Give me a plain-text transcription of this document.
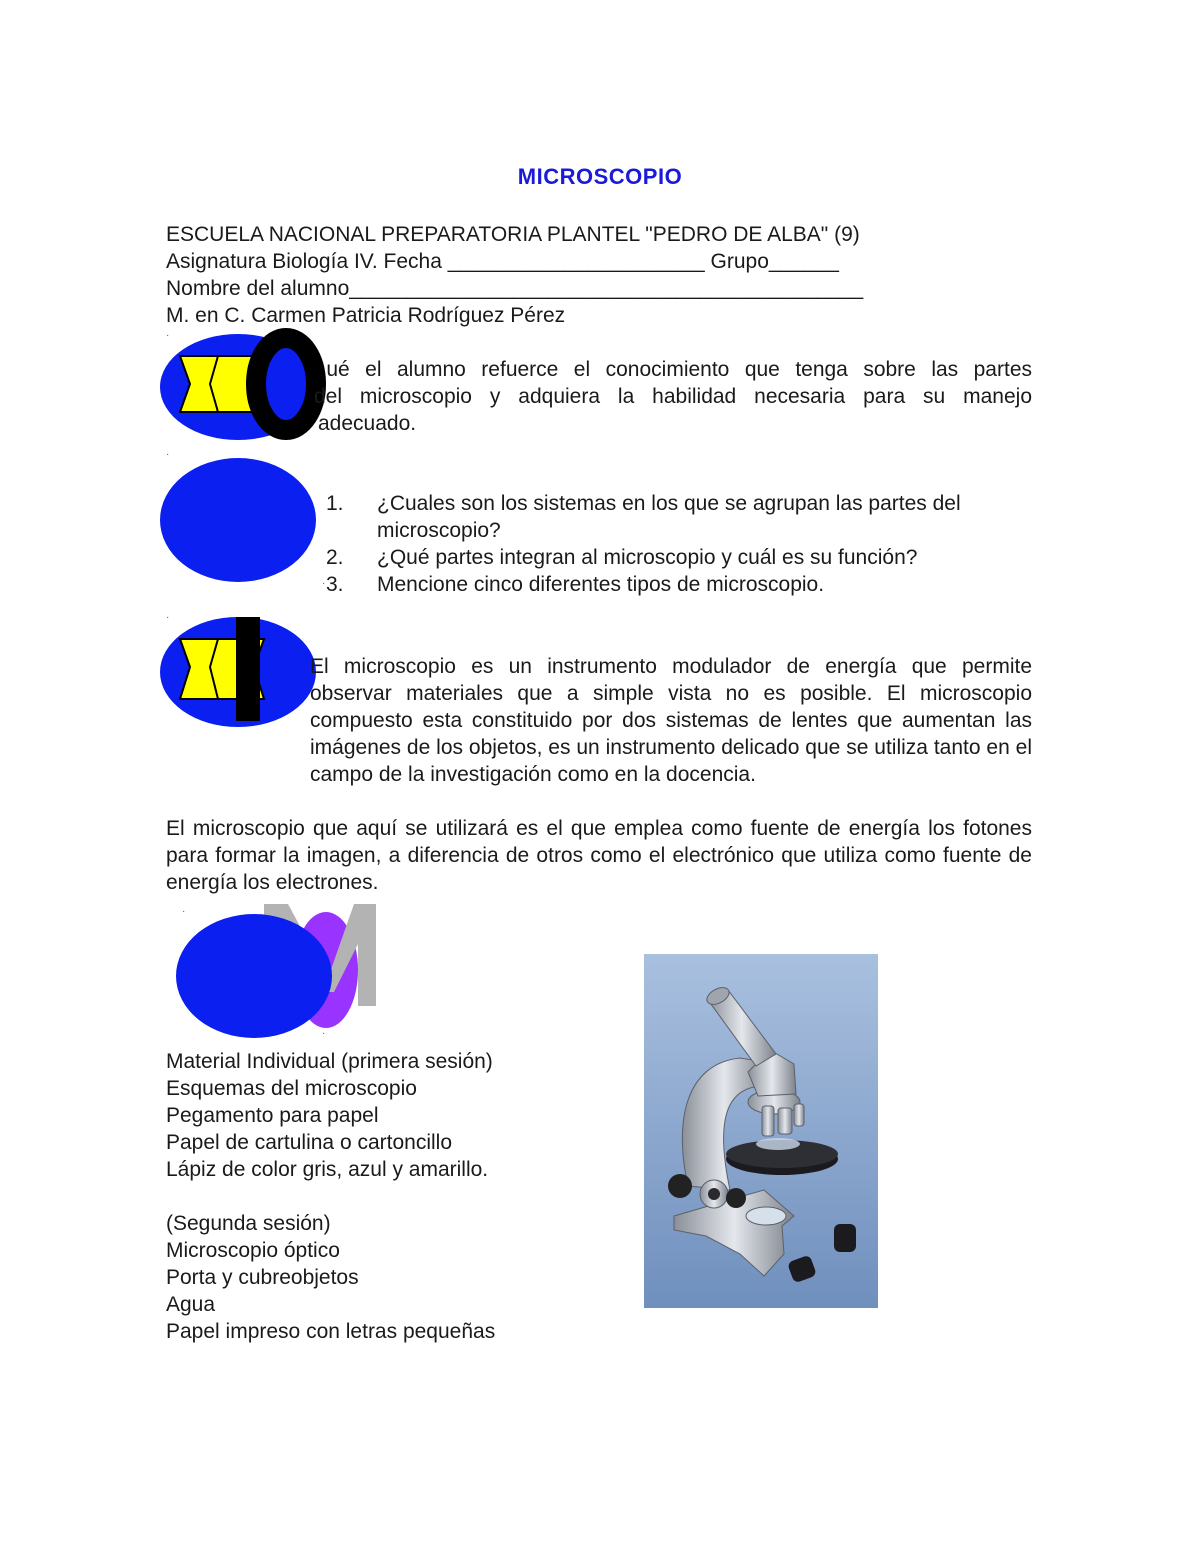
MICROSCOPIO
ESCUELA NACIONAL PREPARATORIA PLANTEL "PEDRO DE ALBA" (9)
Asignatura Biología IV. Fecha ______________________ Grupo______
Nombre del alumno____________________________________________
M. en C. Carmen Patricia Rodríguez Pérez
·
ué el alumno refuerce el conocimiento que tenga sobre las partes
del microscopio y adquiera la habilidad necesaria para su manejo
adecuado.
·
·
1.	¿Cuales son los sistemas en los que se agrupan las partes del microscopio?
2.	¿Qué partes integran al microscopio y cuál es su función?
3.	Mencione cinco diferentes tipos de microscopio.
·
El microscopio es un instrumento modulador de energía que permite observar materiales que a simple vista no es posible. El microscopio compuesto esta constituido por dos sistemas de lentes que aumentan las imágenes de los objetos, es un instrumento delicado que se utiliza tanto en el campo de la investigación como en la docencia.
El microscopio que aquí se utilizará es el que emplea como fuente de energía los fotones para formar la imagen, a diferencia de otros como el electrónico que utiliza como fuente de energía los electrones.
·
·
Material Individual (primera sesión)
Esquemas del microscopio
Pegamento para papel
Papel de cartulina o cartoncillo
Lápiz de color gris, azul y amarillo.
(Segunda sesión)
Microscopio óptico
Porta y cubreobjetos
Agua
Papel impreso con letras pequeñas
